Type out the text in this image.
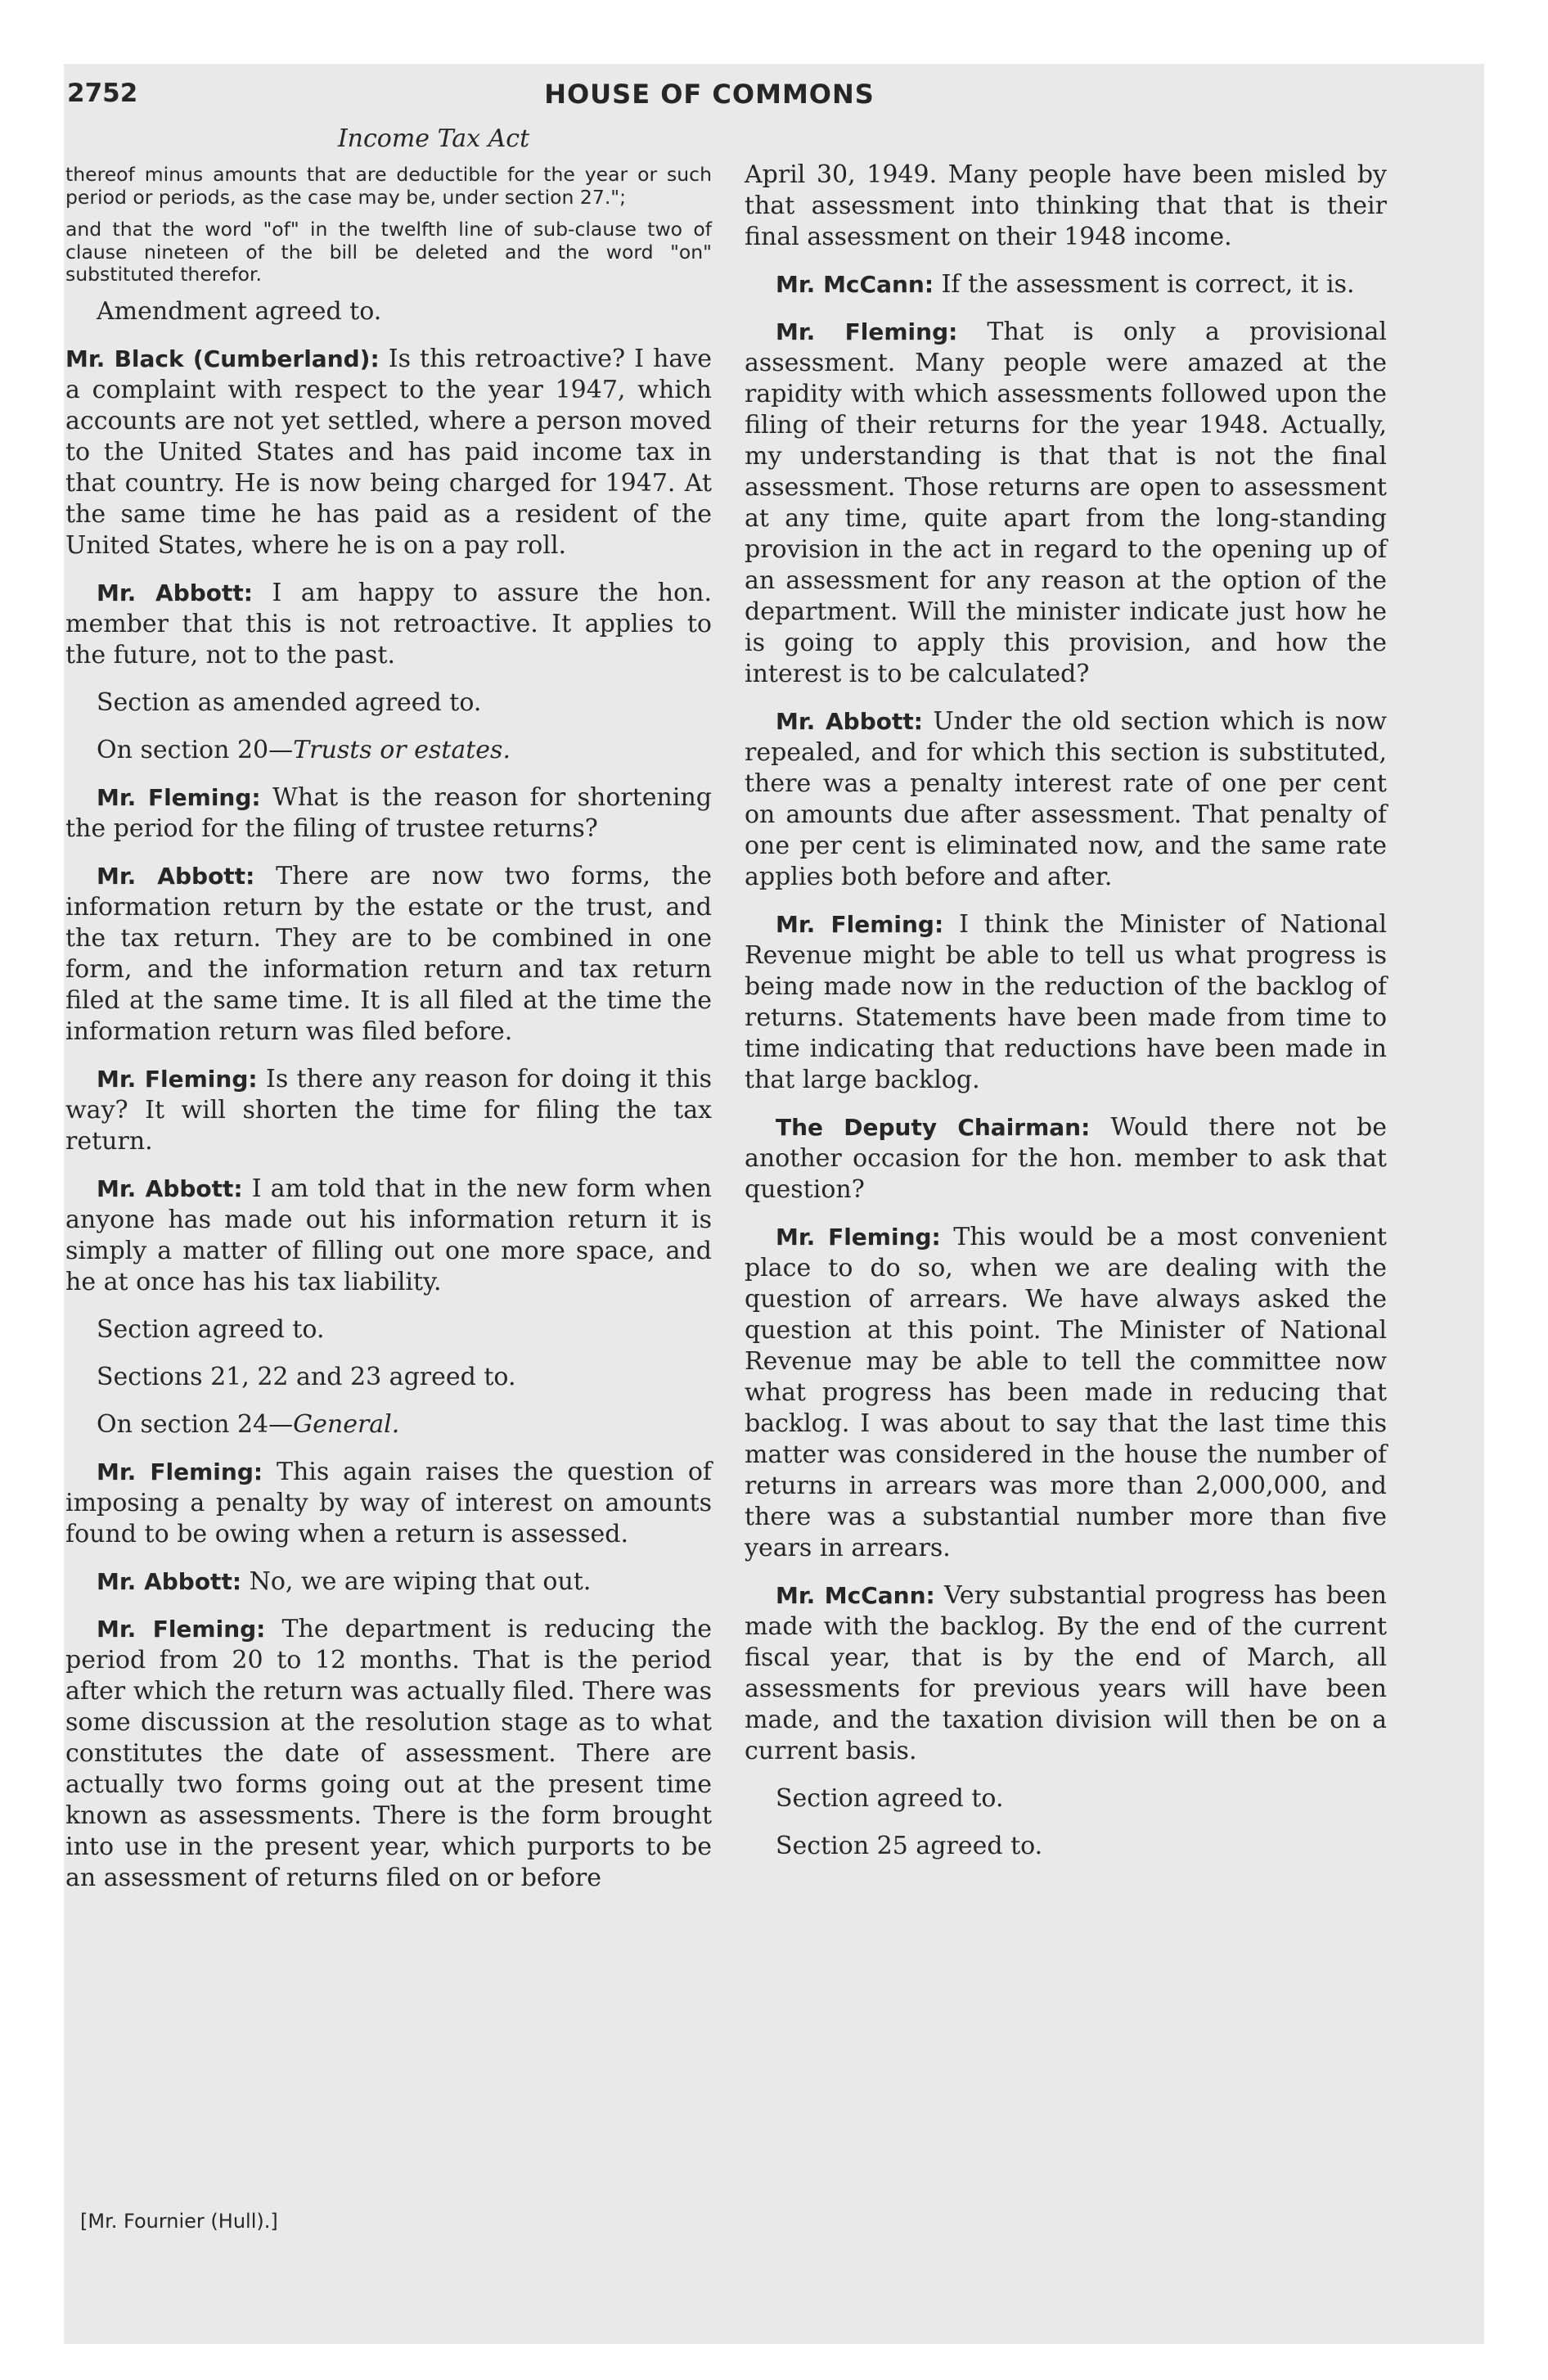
2752	HOUSE OF COMMONS
Income Tax Act
thereof minus amounts that are deductible for the year or such period or periods, as the case may be, under section 27.";
and that the word "of" in the twelfth line of sub-clause two of clause nineteen of the bill be deleted and the word "on" substituted therefor.

Amendment agreed to.

Mr. Black (Cumberland): Is this retroactive? I have a complaint with respect to the year 1947, which accounts are not yet settled, where a person moved to the United States and has paid income tax in that country. He is now being charged for 1947. At the same time he has paid as a resident of the United States, where he is on a pay roll.

Mr. Abbott: I am happy to assure the hon. member that this is not retroactive. It applies to the future, not to the past.

Section as amended agreed to.

On section 20—Trusts or estates.

Mr. Fleming: What is the reason for shortening the period for the filing of trustee returns?

Mr. Abbott: There are now two forms, the information return by the estate or the trust, and the tax return. They are to be combined in one form, and the information return and tax return filed at the same time. It is all filed at the time the information return was filed before.

Mr. Fleming: Is there any reason for doing it this way? It will shorten the time for filing the tax return.

Mr. Abbott: I am told that in the new form when anyone has made out his information return it is simply a matter of filling out one more space, and he at once has his tax liability.

Section agreed to.

Sections 21, 22 and 23 agreed to.

On section 24—General.

Mr. Fleming: This again raises the question of imposing a penalty by way of interest on amounts found to be owing when a return is assessed.

Mr. Abbott: No, we are wiping that out.

Mr. Fleming: The department is reducing the period from 20 to 12 months. That is the period after which the return was actually filed. There was some discussion at the resolution stage as to what constitutes the date of assessment. There are actually two forms going out at the present time known as assessments. There is the form brought into use in the present year, which purports to be an assessment of returns filed on or before

April 30, 1949. Many people have been misled by that assessment into thinking that that is their final assessment on their 1948 income.

Mr. McCann: If the assessment is correct, it is.

Mr. Fleming: That is only a provisional assessment. Many people were amazed at the rapidity with which assessments followed upon the filing of their returns for the year 1948. Actually, my understanding is that that is not the final assessment. Those returns are open to assessment at any time, quite apart from the long-standing provision in the act in regard to the opening up of an assessment for any reason at the option of the department. Will the minister indicate just how he is going to apply this provision, and how the interest is to be calculated?

Mr. Abbott: Under the old section which is now repealed, and for which this section is substituted, there was a penalty interest rate of one per cent on amounts due after assessment. That penalty of one per cent is eliminated now, and the same rate applies both before and after.

Mr. Fleming: I think the Minister of National Revenue might be able to tell us what progress is being made now in the reduction of the backlog of returns. Statements have been made from time to time indicating that reductions have been made in that large backlog.

The Deputy Chairman: Would there not be another occasion for the hon. member to ask that question?

Mr. Fleming: This would be a most convenient place to do so, when we are dealing with the question of arrears. We have always asked the question at this point. The Minister of National Revenue may be able to tell the committee now what progress has been made in reducing that backlog. I was about to say that the last time this matter was considered in the house the number of returns in arrears was more than 2,000,000, and there was a substantial number more than five years in arrears.

Mr. McCann: Very substantial progress has been made with the backlog. By the end of the current fiscal year, that is by the end of March, all assessments for previous years will have been made, and the taxation division will then be on a current basis.

Section agreed to.

Section 25 agreed to.

[Mr. Fournier (Hull).]
